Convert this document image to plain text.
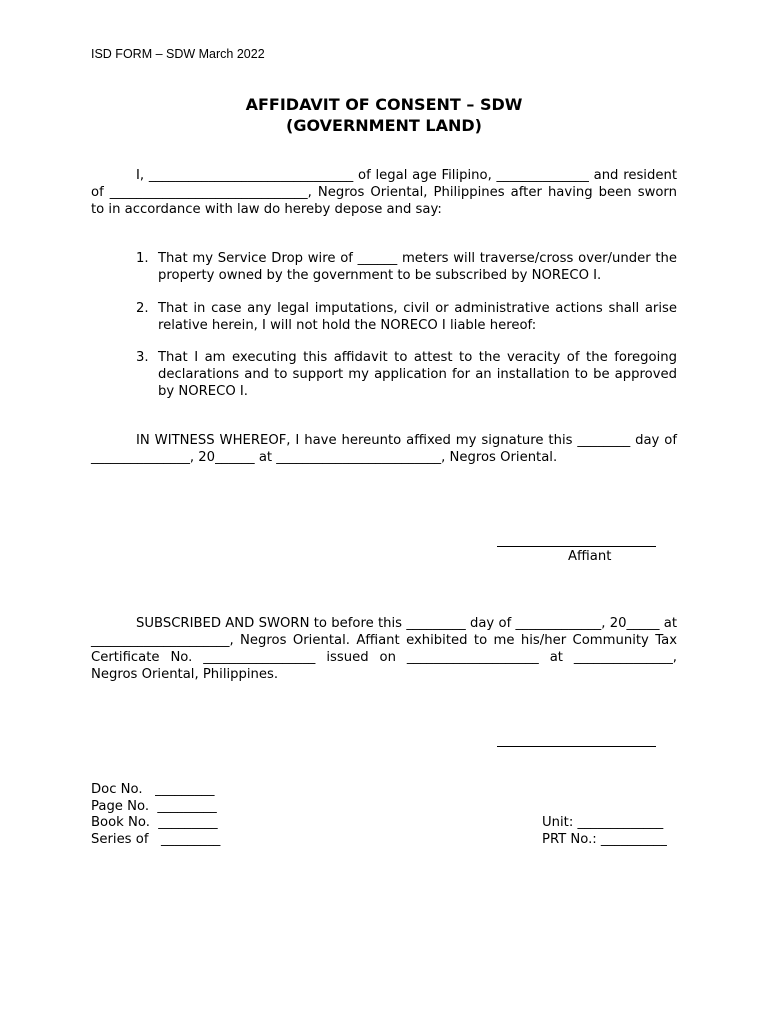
ISD FORM – SDW March 2022
AFFIDAVIT OF CONSENT – SDW
(GOVERNMENT LAND)
I, _______________________________ of legal age Filipino, ______________ and resident of ______________________________, Negros Oriental, Philippines after having been sworn to in accordance with law do hereby depose and say:
1. That my Service Drop wire of ______ meters will traverse/cross over/under the property owned by the government to be subscribed by NORECO I.
2. That in case any legal imputations, civil or administrative actions shall arise relative herein, I will not hold the NORECO I liable hereof:
3. That I am executing this affidavit to attest to the veracity of the foregoing declarations and to support my application for an installation to be approved by NORECO I.
IN WITNESS WHEREOF, I have hereunto affixed my signature this ________ day of _______________, 20______ at _________________________, Negros Oriental.
Affiant
SUBSCRIBED AND SWORN to before this _________ day of _____________, 20_____ at _____________________, Negros Oriental. Affiant exhibited to me his/her Community Tax Certificate No. _________________ issued on ____________________ at _______________, Negros Oriental, Philippines.
Doc No.   _________
Page No.  _________
Book No.  _________
Series of   _________
Unit: _____________
PRT No.: __________
